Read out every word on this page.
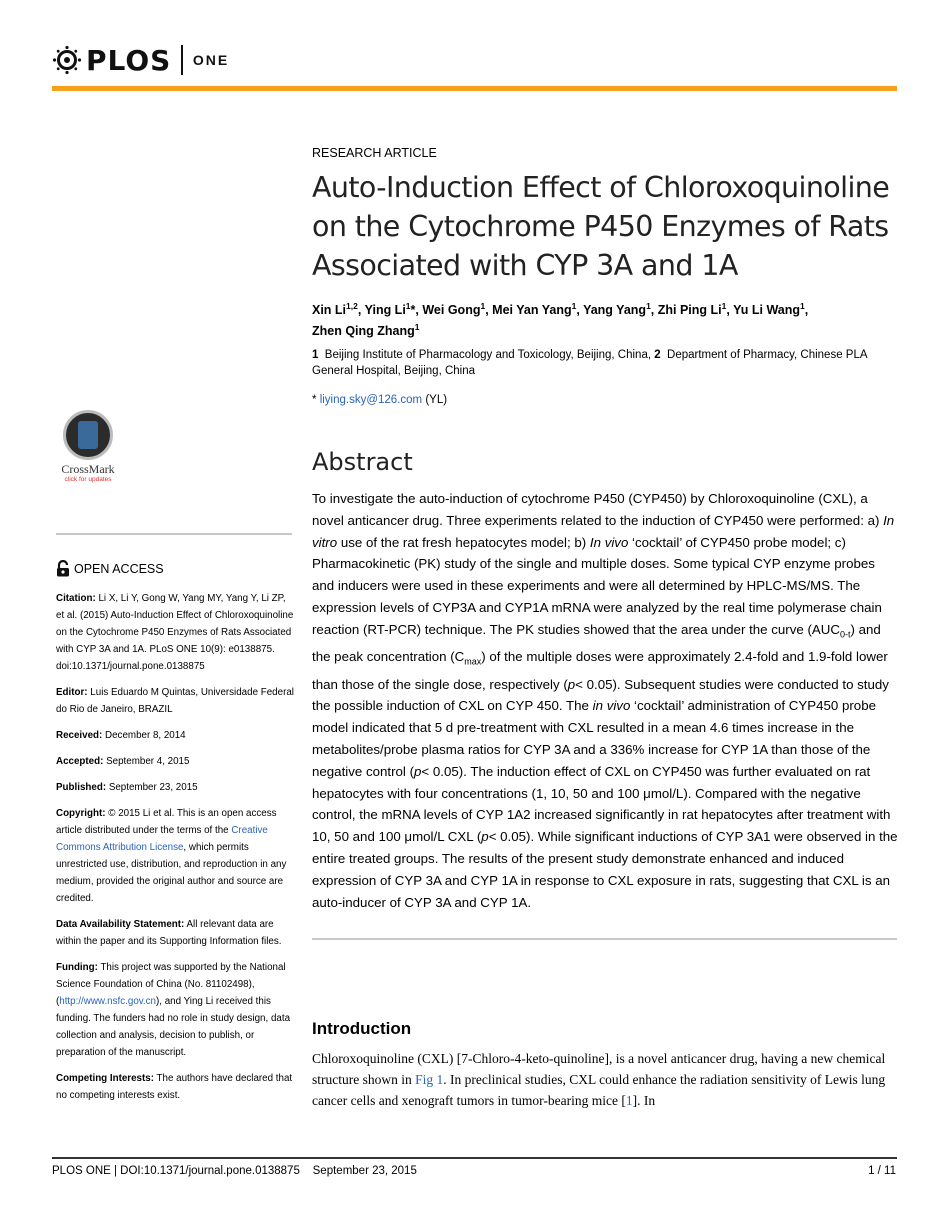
PLOS ONE
RESEARCH ARTICLE
Auto-Induction Effect of Chloroxoquinoline on the Cytochrome P450 Enzymes of Rats Associated with CYP 3A and 1A
Xin Li$^{1,2}$, Ying Li$^1$*, Wei Gong$^1$, Mei Yan Yang$^1$, Yang Yang$^1$, Zhi Ping Li$^1$, Yu Li Wang$^1$,
Zhen Qing Zhang$^1$
1 Beijing Institute of Pharmacology and Toxicology, Beijing, China, 2 Department of Pharmacy, Chinese PLA General Hospital, Beijing, China
* liying.sky@126.com (YL)
Abstract

To investigate the auto-induction of cytochrome P450 (CYP450) by Chloroxoquinoline (CXL), a novel anticancer drug. Three experiments related to the induction of CYP450 were performed: a) In vitro use of the rat fresh hepatocytes model; b) In vivo ‘cocktail’ of CYP450 probe model; c) Pharmacokinetic (PK) study of the single and multiple doses. Some typical CYP enzyme probes and inducers were used in these experiments and were all determined by HPLC-MS/MS. The expression levels of CYP3A and CYP1A mRNA were analyzed by the real time polymerase chain reaction (RT-PCR) technique. The PK studies showed that the area under the curve $(AUC_{0-t})$ and the peak concentration $(C_{max})$ of the multiple doses were approximately 2.4-fold and 1.9-fold lower than those of the single dose, respectively (p< 0.05). Subsequent studies were conducted to study the possible induction of CXL on CYP 450. The in vivo ‘cocktail’ administration of CYP450 probe model indicated that 5 d pre-treatment with CXL resulted in a mean 4.6 times increase in the metabolites/probe plasma ratios for CYP 3A and a 336% increase for CYP 1A than those of the negative control (p< 0.05). The induction effect of CXL on CYP450 was further evaluated on rat hepatocytes with four concentrations (1, 10, 50 and 100 μmol/L). Compared with the negative control, the mRNA levels of CYP 1A2 increased significantly in rat hepatocytes after treatment with 10, 50 and 100 μmol/L CXL (p< 0.05). While significant inductions of CYP 3A1 were observed in the entire treated groups. The results of the present study demonstrate enhanced and induced expression of CYP 3A and CYP 1A in response to CXL exposure in rats, suggesting that CXL is an auto-inducer of CYP 3A and CYP 1A.

Introduction

Chloroxoquinoline (CXL) [7-Chloro-4-keto-quinoline], is a novel anticancer drug, having a new chemical structure shown in Fig 1. In preclinical studies, CXL could enhance the radiation sensitivity of Lewis lung cancer cells and xenograft tumors in tumor-bearing mice [1]. In

CrossMark
click for updates
OPEN ACCESS

Citation: Li X, Li Y, Gong W, Yang MY, Yang Y, Li ZP, et al. (2015) Auto-Induction Effect of Chloroxoquinoline on the Cytochrome P450 Enzymes of Rats Associated with CYP 3A and 1A. PLoS ONE 10(9): e0138875. doi:10.1371/journal.pone.0138875

Editor: Luis Eduardo M Quintas, Universidade Federal do Rio de Janeiro, BRAZIL

Received: December 8, 2014

Accepted: September 4, 2015

Published: September 23, 2015

Copyright: © 2015 Li et al. This is an open access article distributed under the terms of the Creative Commons Attribution License, which permits unrestricted use, distribution, and reproduction in any medium, provided the original author and source are credited.

Data Availability Statement: All relevant data are within the paper and its Supporting Information files.

Funding: This project was supported by the National Science Foundation of China (No. 81102498), (http://www.nsfc.gov.cn), and Ying Li received this funding. The funders had no role in study design, data collection and analysis, decision to publish, or preparation of the manuscript.

Competing Interests: The authors have declared that no competing interests exist.

PLOS ONE | DOI:10.1371/journal.pone.0138875 September 23, 2015	1 / 11
